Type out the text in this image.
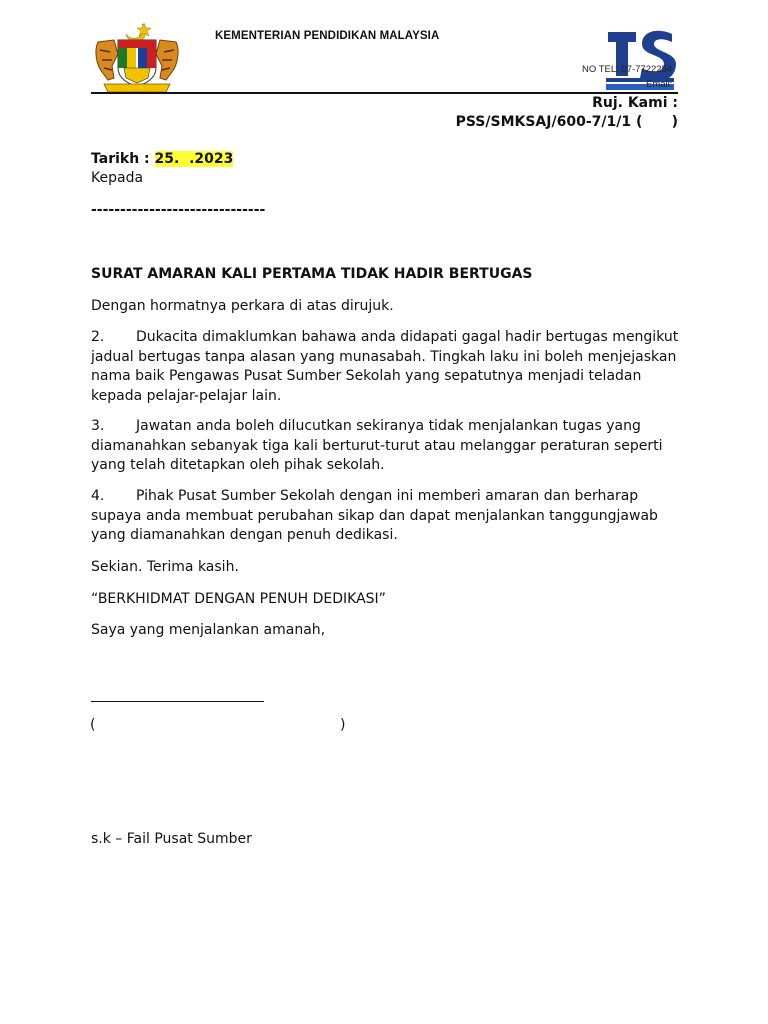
KEMENTERIAN PENDIDIKAN MALAYSIA
NO TEL: 07-7722254
Email:
Ruj. Kami :
PSS/SMKSAJ/600-7/1/1 (      )
Tarikh : 25.  .2023
Kepada
------------------------------
SURAT AMARAN KALI PERTAMA TIDAK HADIR BERTUGAS
Dengan hormatnya perkara di atas dirujuk.
2. Dukacita dimaklumkan bahawa anda didapati gagal hadir bertugas mengikut jadual bertugas tanpa alasan yang munasabah. Tingkah laku ini boleh menjejaskan nama baik Pengawas Pusat Sumber Sekolah yang sepatutnya menjadi teladan kepada pelajar-pelajar lain.
3. Jawatan anda boleh dilucutkan sekiranya tidak menjalankan tugas yang diamanahkan sebanyak tiga kali berturut-turut atau melanggar peraturan seperti yang telah ditetapkan oleh pihak sekolah.
4. Pihak Pusat Sumber Sekolah dengan ini memberi amaran dan berharap supaya anda membuat perubahan sikap dan dapat menjalankan tanggungjawab yang diamanahkan dengan penuh dedikasi.
Sekian. Terima kasih.
“BERKHIDMAT DENGAN PENUH DEDIKASI”
Saya yang menjalankan amanah,
(	)
s.k – Fail Pusat Sumber
